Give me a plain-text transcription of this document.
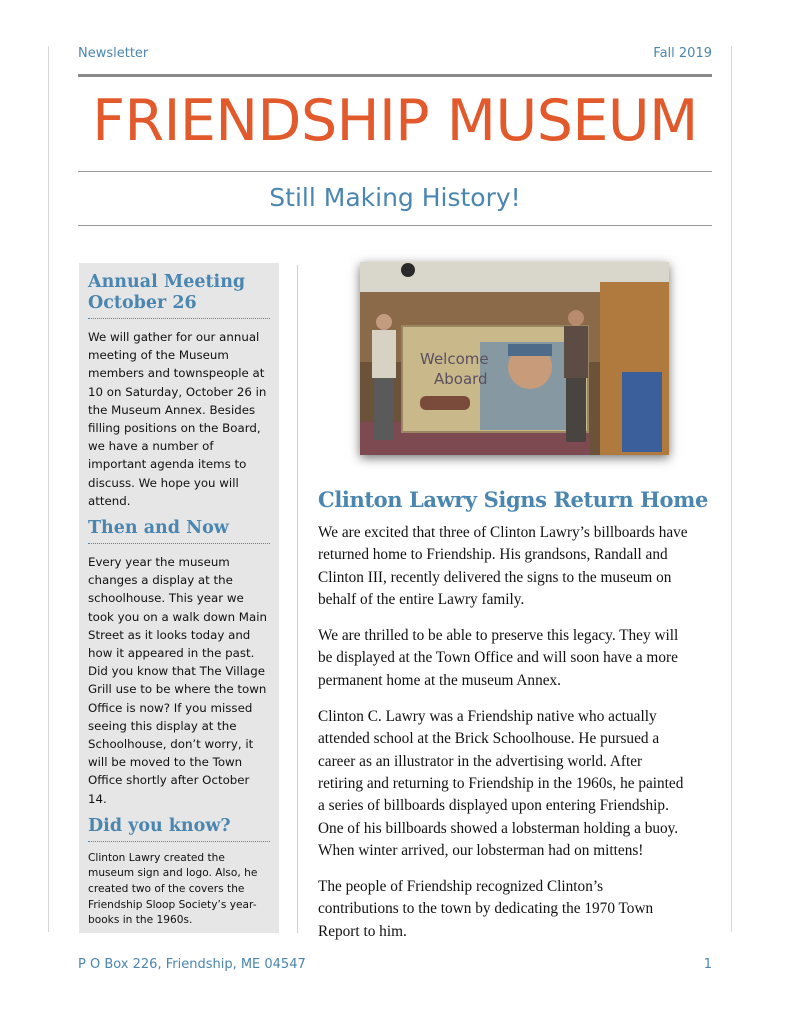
Newsletter	Fall 2019
FRIENDSHIP MUSEUM
Still Making History!
Annual Meeting
October 26

We will gather for our annual
meeting of the Museum
members and townspeople at
10 on Saturday, October 26 in
the Museum Annex. Besides
filling positions on the Board,
we have a number of
important agenda items to
discuss. We hope you will
attend.

Then and Now

Every year the museum
changes a display at the
schoolhouse. This year we
took you on a walk down Main
Street as it looks today and
how it appeared in the past.
Did you know that The Village
Grill use to be where the town
Office is now? If you missed
seeing this display at the
Schoolhouse, don’t worry, it
will be moved to the Town
Office shortly after October 14.

Did you know?

Clinton Lawry created the
museum sign and logo. Also, he
created two of the covers the
Friendship Sloop Society’s year-
books in the 1960s.

Welcome
Aboard
Clinton Lawry Signs Return Home

We are excited that three of Clinton Lawry’s billboards have
returned home to Friendship. His grandsons, Randall and
Clinton III, recently delivered the signs to the museum on
behalf of the entire Lawry family.

We are thrilled to be able to preserve this legacy. They will
be displayed at the Town Office and will soon have a more
permanent home at the museum Annex.

Clinton C. Lawry was a Friendship native who actually
attended school at the Brick Schoolhouse. He pursued a
career as an illustrator in the advertising world. After
retiring and returning to Friendship in the 1960s, he painted
a series of billboards displayed upon entering Friendship.
One of his billboards showed a lobsterman holding a buoy.
When winter arrived, our lobsterman had on mittens!

The people of Friendship recognized Clinton’s
contributions to the town by dedicating the 1970 Town
Report to him.

P O Box 226, Friendship, ME 04547	1
